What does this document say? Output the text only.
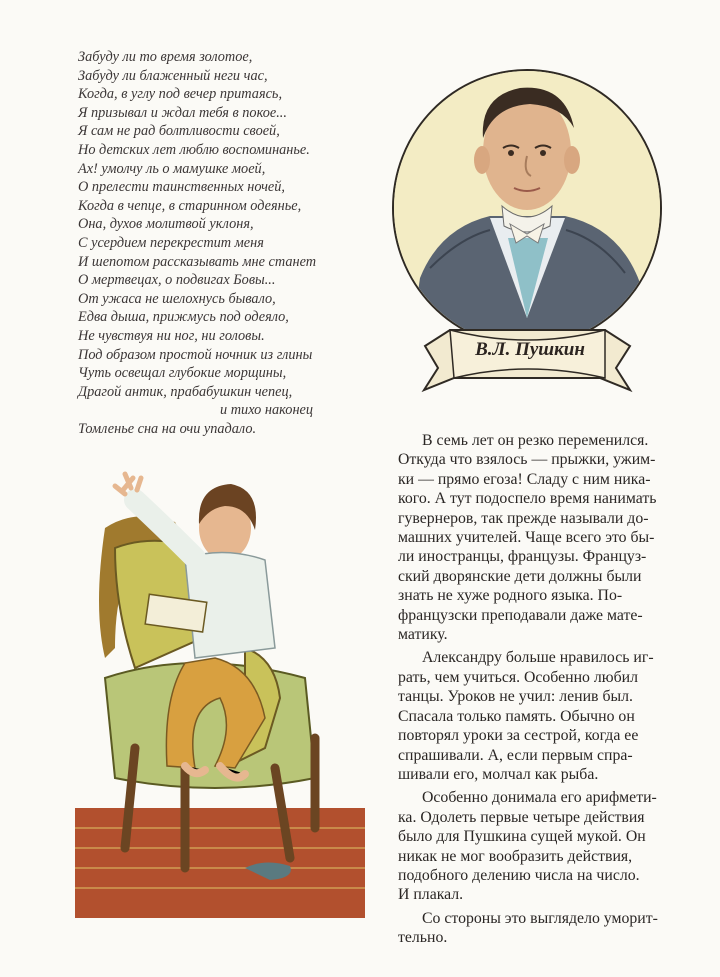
Забуду ли то время золотое,
Забуду ли блаженный неги час,
Когда, в углу под вечер притаясь,
Я призывал и ждал тебя в покое...
Я сам не рад болтливости своей,
Но детских лет люблю воспоминанье.
Ах! умолчу ль о мамушке моей,
О прелести таинственных ночей,
Когда в чепце, в старинном одеянье,
Она, духов молитвой уклоня,
С усердием перекрестит меня
И шепотом рассказывать мне станет
О мертвецах, о подвигах Бовы...
От ужаса не шелохнусь бывало,
Едва дыша, прижмусь под одеяло,
Не чувствуя ни ног, ни головы.
Под образом простой ночник из глины
Чуть освещал глубокие морщины,
Драгой антик, прабабушкин чепец,
и тихо наконец
Томленье сна на очи упадало.
В.Л. Пушкин

В семь лет он резко переменился.
Откуда что взялось — прыжки, ужим-
ки — прямо егоза! Сладу с ним ника-
кого. А тут подоспело время нанимать
гувернеров, так прежде называли до-
машних учителей. Чаще всего это бы-
ли иностранцы, французы. Француз-
ский дворянские дети должны были
знать не хуже родного языка. По-
французски преподавали даже мате-
матику.

Александру больше нравилось иг-
рать, чем учиться. Особенно любил
танцы. Уроков не учил: ленив был.
Спасала только память. Обычно он
повторял уроки за сестрой, когда ее
спрашивали. А, если первым спра-
шивали его, молчал как рыба.

Особенно донимала его арифмети-
ка. Одолеть первые четыре действия
было для Пушкина сущей мукой. Он
никак не мог вообразить действия,
подобного делению числа на число.
И плакал.

Со стороны это выглядело уморит-
тельно.
